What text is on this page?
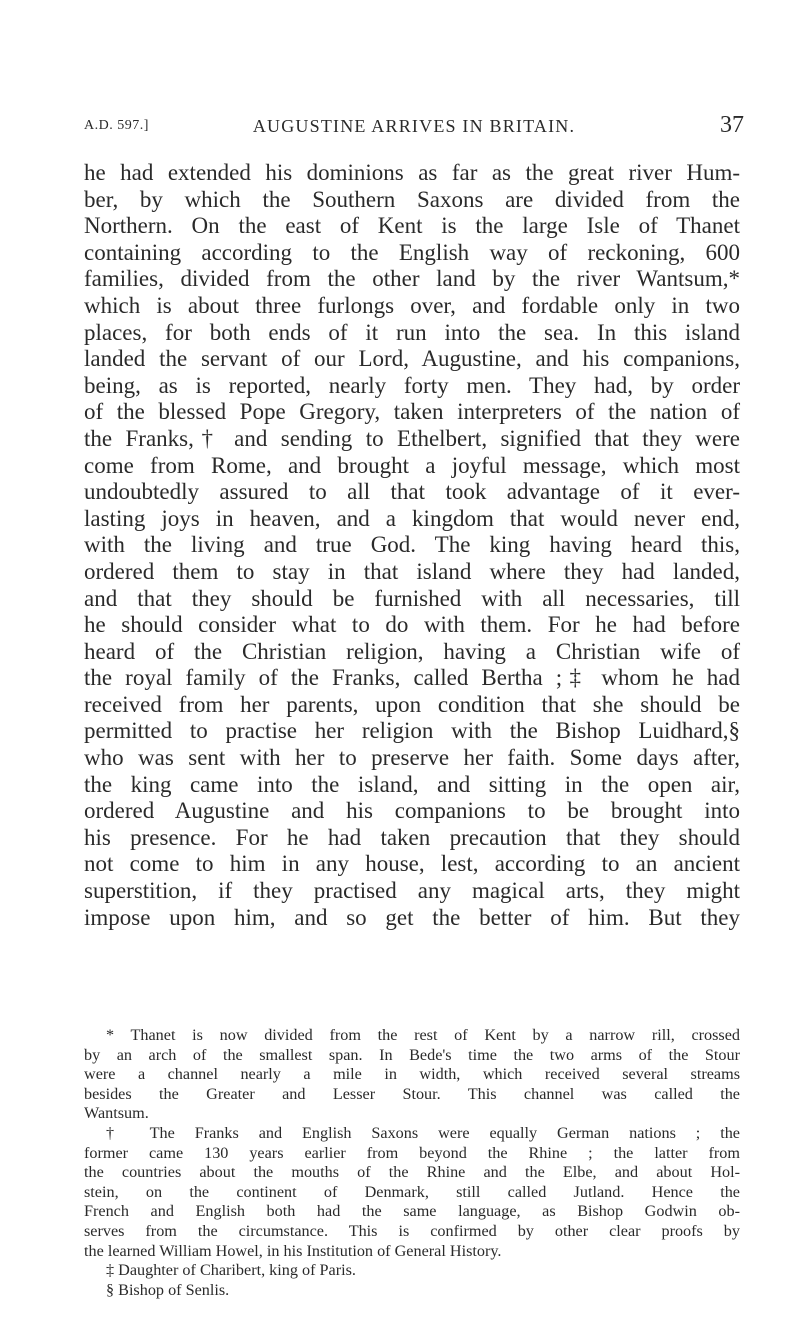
A.D. 597.]	AUGUSTINE ARRIVES IN BRITAIN.	37
he had extended his dominions as far as the great river Hum-
ber, by which the Southern Saxons are divided from the
Northern. On the east of Kent is the large Isle of Thanet
containing according to the English way of reckoning, 600
families, divided from the other land by the river Wantsum,*
which is about three furlongs over, and fordable only in two
places, for both ends of it run into the sea. In this island
landed the servant of our Lord, Augustine, and his companions,
being, as is reported, nearly forty men. They had, by order
of the blessed Pope Gregory, taken interpreters of the nation of
the Franks,† and sending to Ethelbert, signified that they were
come from Rome, and brought a joyful message, which most
undoubtedly assured to all that took advantage of it ever-
lasting joys in heaven, and a kingdom that would never end,
with the living and true God. The king having heard this,
ordered them to stay in that island where they had landed,
and that they should be furnished with all necessaries, till
he should consider what to do with them. For he had before
heard of the Christian religion, having a Christian wife of
the royal family of the Franks, called Bertha ;‡ whom he had
received from her parents, upon condition that she should be
permitted to practise her religion with the Bishop Luidhard,§
who was sent with her to preserve her faith. Some days after,
the king came into the island, and sitting in the open air,
ordered Augustine and his companions to be brought into
his presence. For he had taken precaution that they should
not come to him in any house, lest, according to an ancient
superstition, if they practised any magical arts, they might
impose upon him, and so get the better of him. But they
* Thanet is now divided from the rest of Kent by a narrow rill, crossed
by an arch of the smallest span. In Bede's time the two arms of the Stour
were a channel nearly a mile in width, which received several streams
besides the Greater and Lesser Stour. This channel was called the
Wantsum.
† The Franks and English Saxons were equally German nations ; the
former came 130 years earlier from beyond the Rhine ; the latter from
the countries about the mouths of the Rhine and the Elbe, and about Hol-
stein, on the continent of Denmark, still called Jutland. Hence the
French and English both had the same language, as Bishop Godwin ob-
serves from the circumstance. This is confirmed by other clear proofs by
the learned William Howel, in his Institution of General History.
‡ Daughter of Charibert, king of Paris.
§ Bishop of Senlis.
